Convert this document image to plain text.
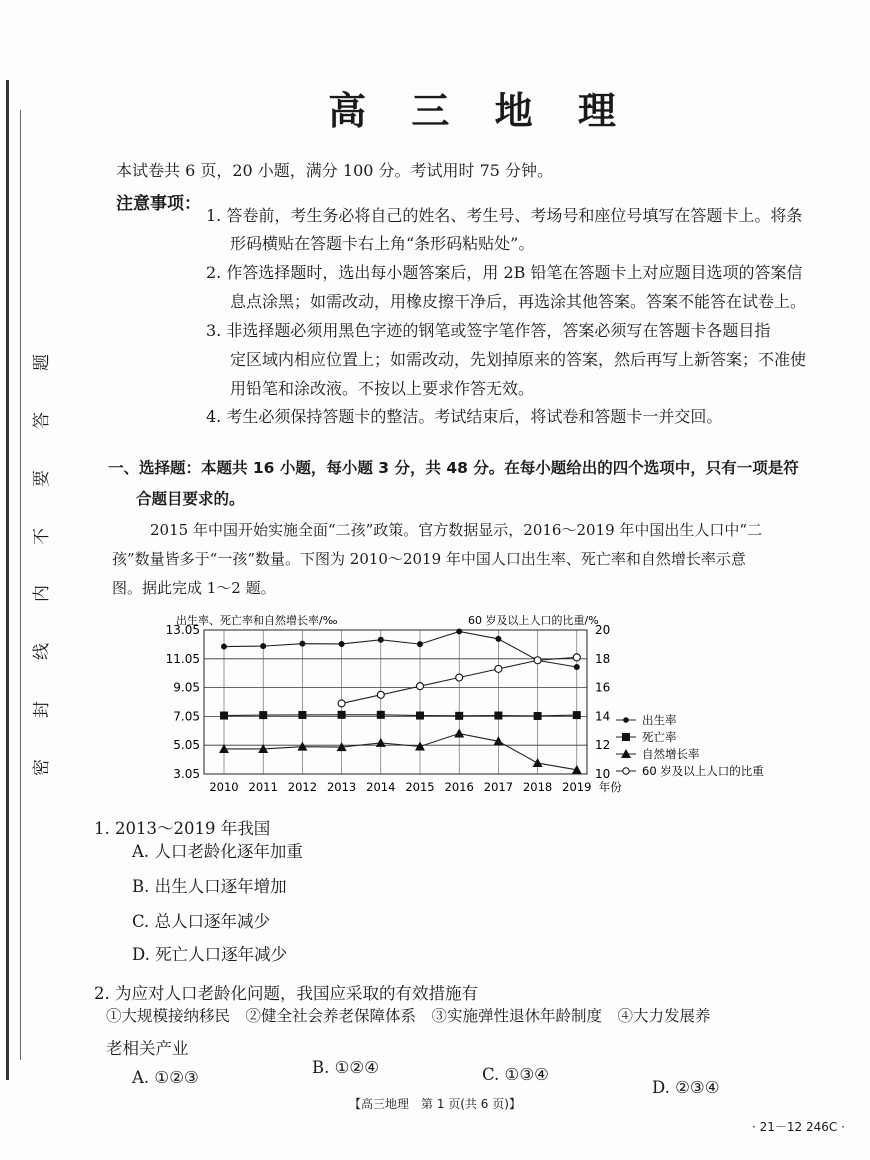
密
封
线
内
不
要
答
题
高 三 地 理
本试卷共 6 页，20 小题，满分 100 分。考试用时 75 分钟。
注意事项：
1. 答卷前，考生务必将自己的姓名、考生号、考场号和座位号填写在答题卡上。将条
形码横贴在答题卡右上角“条形码粘贴处”。
2. 作答选择题时，选出每小题答案后，用 2B 铅笔在答题卡上对应题目选项的答案信
息点涂黑；如需改动，用橡皮擦干净后，再选涂其他答案。答案不能答在试卷上。
3. 非选择题必须用黑色字迹的钢笔或签字笔作答，答案必须写在答题卡各题目指
定区域内相应位置上；如需改动，先划掉原来的答案，然后再写上新答案；不准使
用铅笔和涂改液。不按以上要求作答无效。
4. 考生必须保持答题卡的整洁。考试结束后，将试卷和答题卡一并交回。
一、选择题：本题共 16 小题，每小题 3 分，共 48 分。在每小题给出的四个选项中，只有一项是符
合题目要求的。
2015 年中国开始实施全面“二孩”政策。官方数据显示，2016～2019 年中国出生人口中“二
孩”数量皆多于“一孩”数量。下图为 2010～2019 年中国人口出生率、死亡率和自然增长率示意
图。据此完成 1～2 题。
出生率、死亡率和自然增长率/‰	60 岁及以上人口的比重/%
13.05
11.05
9.05
7.05
5.05
3.05
20
18
16
14
12
10
2010 2011 2012 2013 2014 2015 2016 2017 2018 2019 年份
出生率
死亡率
自然增长率
60 岁及以上人口的比重
1. 2013～2019 年我国
A. 人口老龄化逐年加重
B. 出生人口逐年增加
C. 总人口逐年减少
D. 死亡人口逐年减少
2. 为应对人口老龄化问题，我国应采取的有效措施有
①大规模接纳移民　②健全社会养老保障体系　③实施弹性退休年龄制度　④大力发展养
老相关产业
A. ①②③
B. ①②④	C. ①③④
D. ②③④
【高三地理　第 1 页(共 6 页)】
· 21－12 246C ·
